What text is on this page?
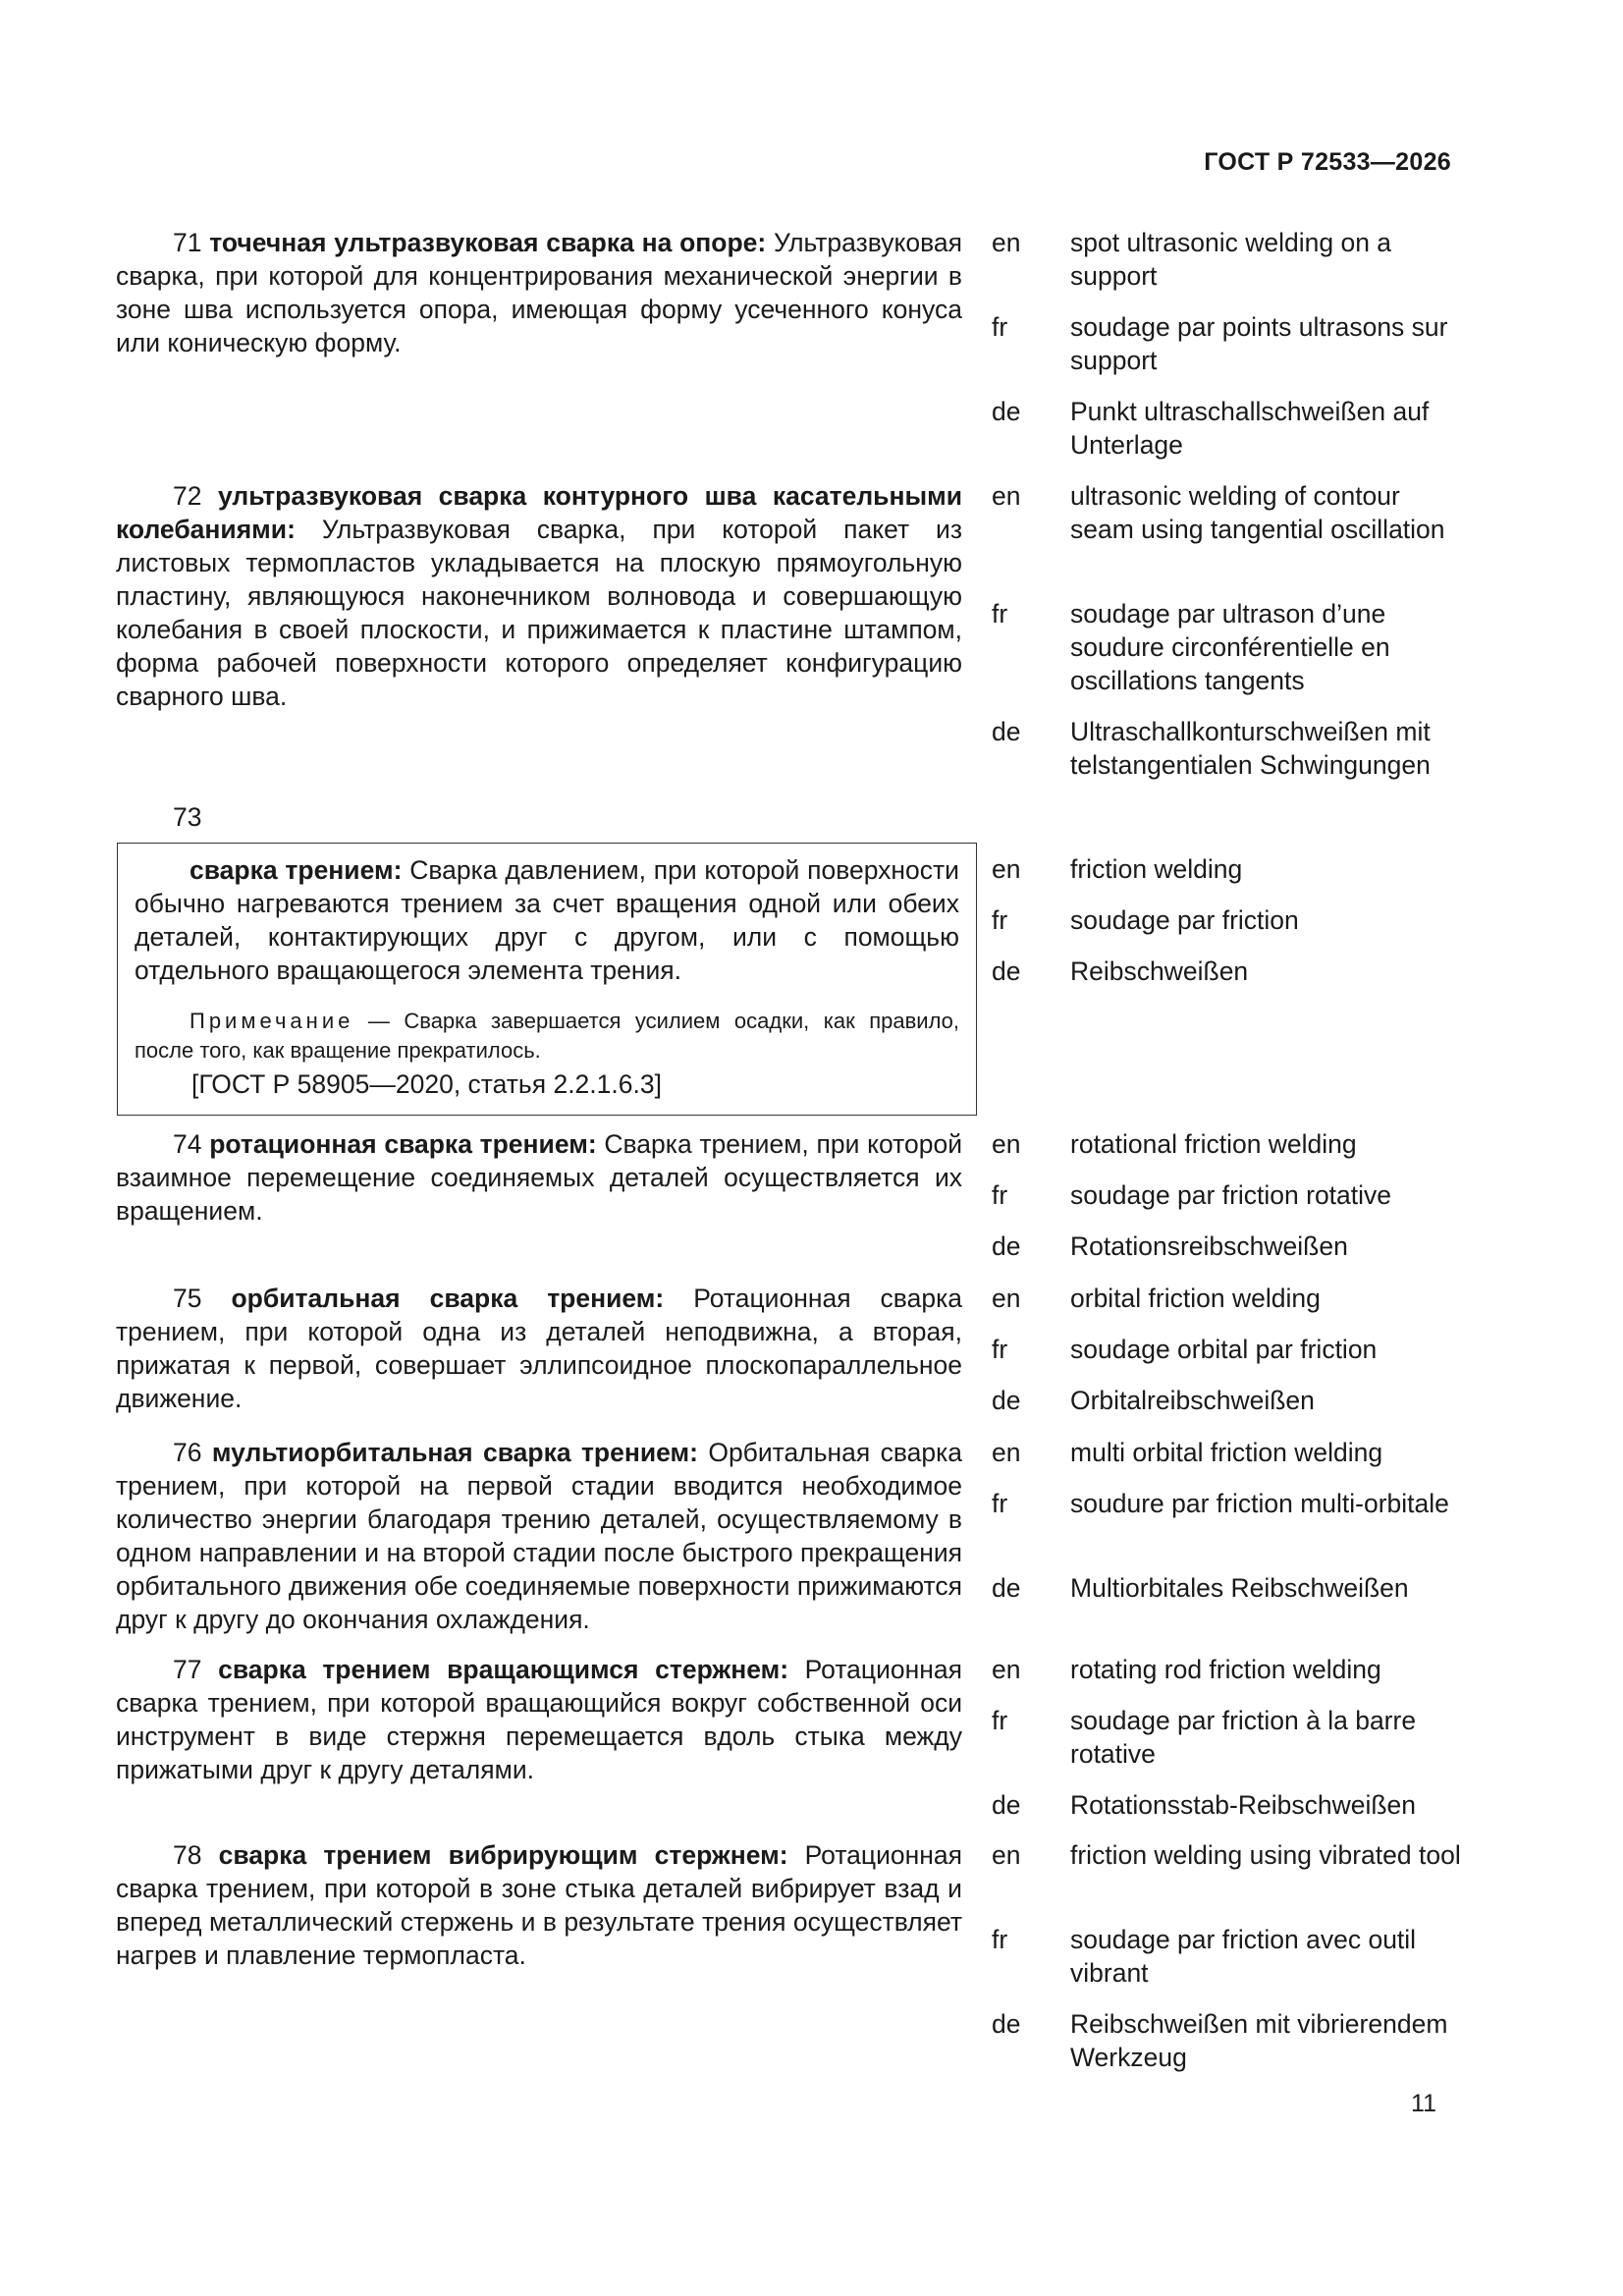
ГОСТ Р 72533—2026

71 точечная ультразвуковая сварка на опоре: Ультразвуковая сварка, при которой для концентрирования механической энергии в зоне шва используется опора, имеющая форму усеченного конуса или коническую форму.

en	spot ultrasonic welding on a support
fr	soudage par points ultrasons sur support
de	Punkt ultraschallschweißen auf Unterlage

72 ультразвуковая сварка контурного шва касательными колебаниями: Ультразвуковая сварка, при которой пакет из листовых термопластов укладывается на плоскую прямоугольную пластину, являющуюся наконечником волновода и совершающую колебания в своей плоскости, и прижимается к пластине штампом, форма рабочей поверхности которого определяет конфигурацию сварного шва.

en	ultrasonic welding of contour seam using tangential oscillation
fr	soudage par ultrason d’une soudure circonférentielle en oscillations tangents
de	Ultraschallkonturschweißen mit telstangentialen Schwingungen
73

сварка трением: Сварка давлением, при которой поверхности обычно нагреваются трением за счет вращения одной или обеих деталей, контактирующих друг с другом, или с помощью отдельного вращающегося элемента трения.

Примечание — Сварка завершается усилием осадки, как правило, после того, как вращение прекратилось.

[ГОСТ Р 58905—2020, статья 2.2.1.6.3]
en	friction welding
fr	soudage par friction
de	Reibschweißen

74 ротационная сварка трением: Сварка трением, при которой взаимное перемещение соединяемых деталей осуществляется их вращением.

en	rotational friction welding
fr	soudage par friction rotative
de	Rotationsreibschweißen

75 орбитальная сварка трением: Ротационная сварка трением, при которой одна из деталей неподвижна, а вторая, прижатая к первой, совершает эллипсоидное плоскопараллельное движение.

en	orbital friction welding
fr	soudage orbital par friction
de	Orbitalreibschweißen

76 мультиорбитальная сварка трением: Орбитальная сварка трением, при которой на первой стадии вводится необходимое количество энергии благодаря трению деталей, осуществляемому в одном направлении и на второй стадии после быстрого прекращения орбитального движения обе соединяемые поверхности прижимаются друг к другу до окончания охлаждения.

en	multi orbital friction welding
fr	soudure par friction multi-orbitale
de	Multiorbitales Reibschweißen

77 сварка трением вращающимся стержнем: Ротационная сварка трением, при которой вращающийся вокруг собственной оси инструмент в виде стержня перемещается вдоль стыка между прижатыми друг к другу деталями.

en	rotating rod friction welding
fr	soudage par friction à la barre rotative
de	Rotationsstab-Reibschweißen

78 сварка трением вибрирующим стержнем: Ротационная сварка трением, при которой в зоне стыка деталей вибрирует взад и вперед металлический стержень и в результате трения осуществляет нагрев и плавление термопласта.

en	friction welding using vibrated tool
fr	soudage par friction avec outil vibrant
de	Reibschweißen mit vibrierendem Werkzeug
11
